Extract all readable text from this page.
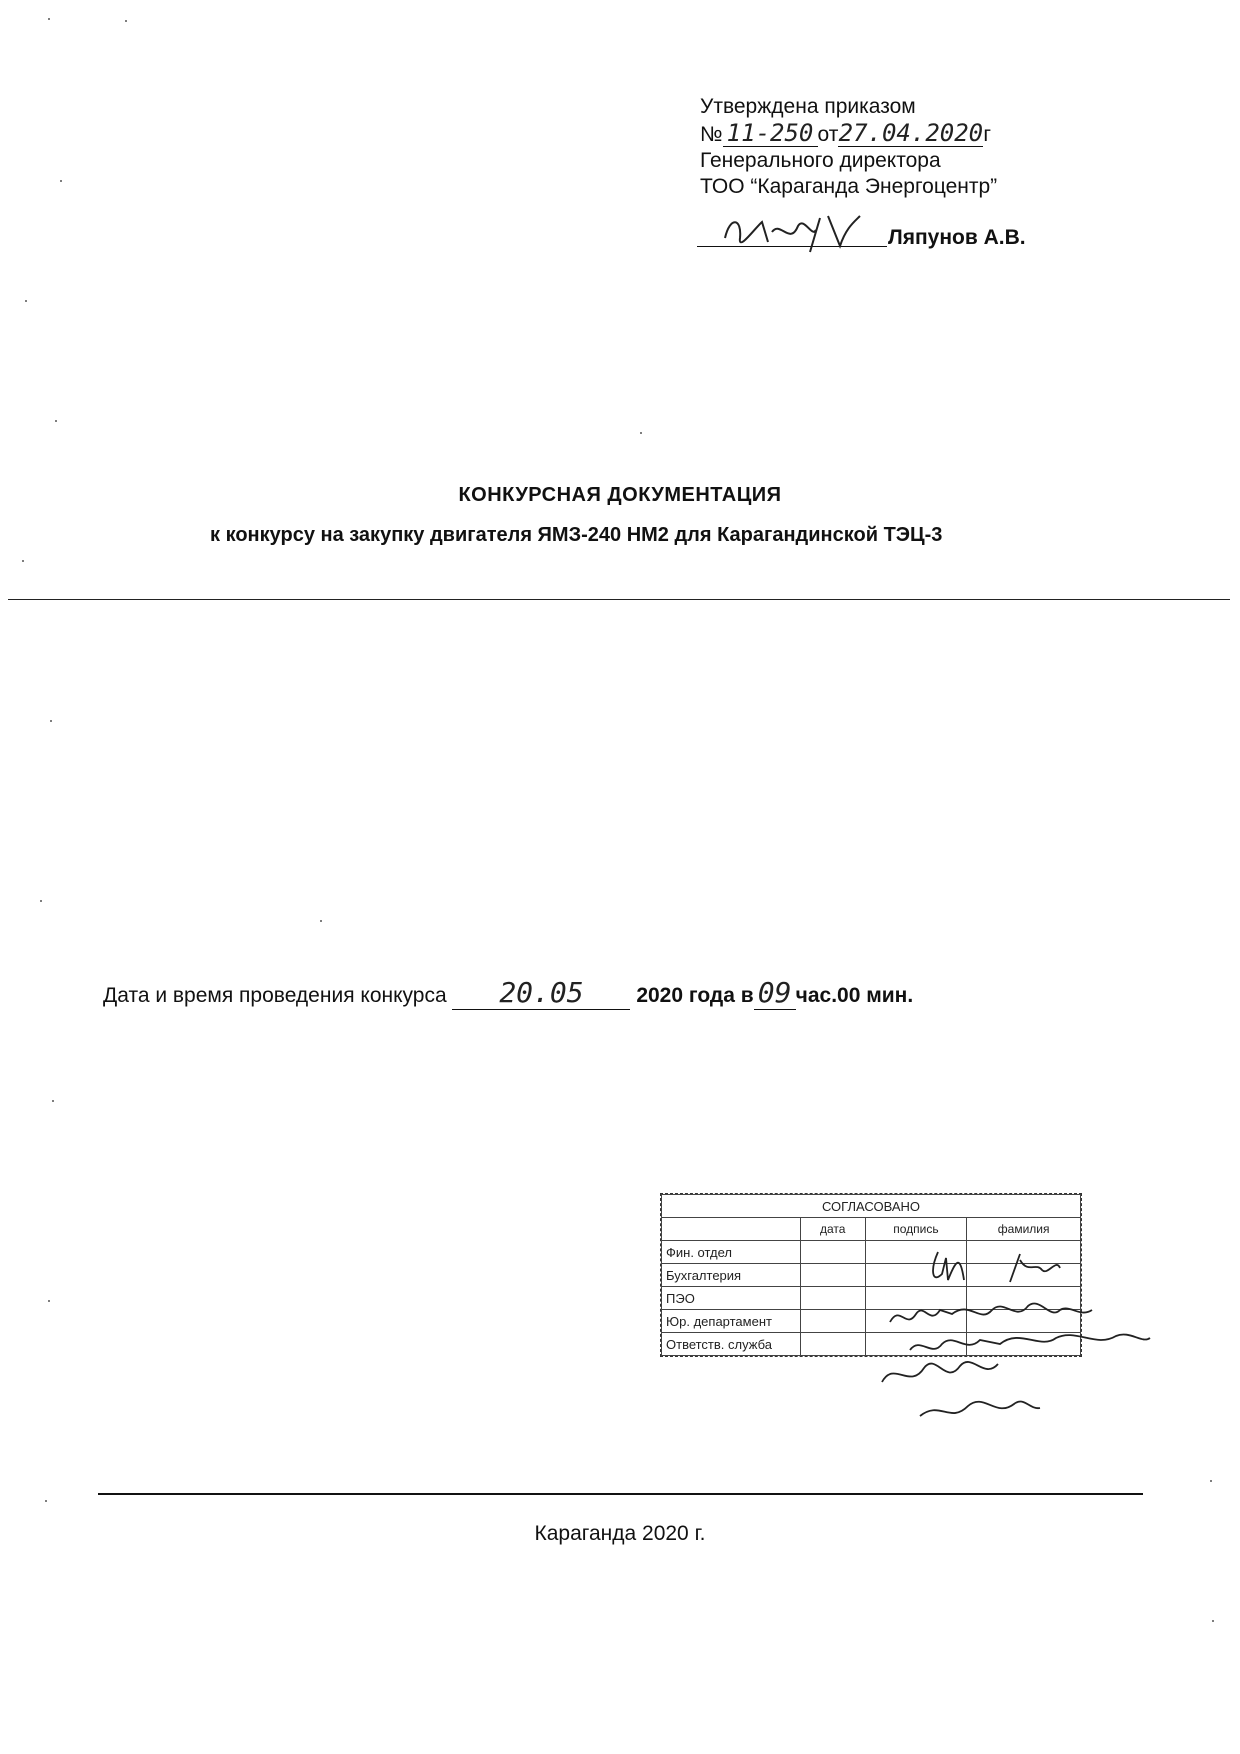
Утверждена приказом
№ 11-250 от27.04.2020г
Генерального директора
ТОО “Караганда Энергоцентр”
Ляпунов А.В.
КОНКУРСНАЯ ДОКУМЕНТАЦИЯ
к конкурсу на закупку двигателя ЯМЗ-240 НМ2 для Карагандинской ТЭЦ-3
Дата и время проведения конкурса 20.05	2020 года в 09 час.00 мин.
СОГЛАСОВАНО			
	дата	подпись	фамилия
Фин. отдел			
Бухгалтерия			
ПЭО			
Юр. департамент			
Ответств. служба			
Караганда 2020 г.
